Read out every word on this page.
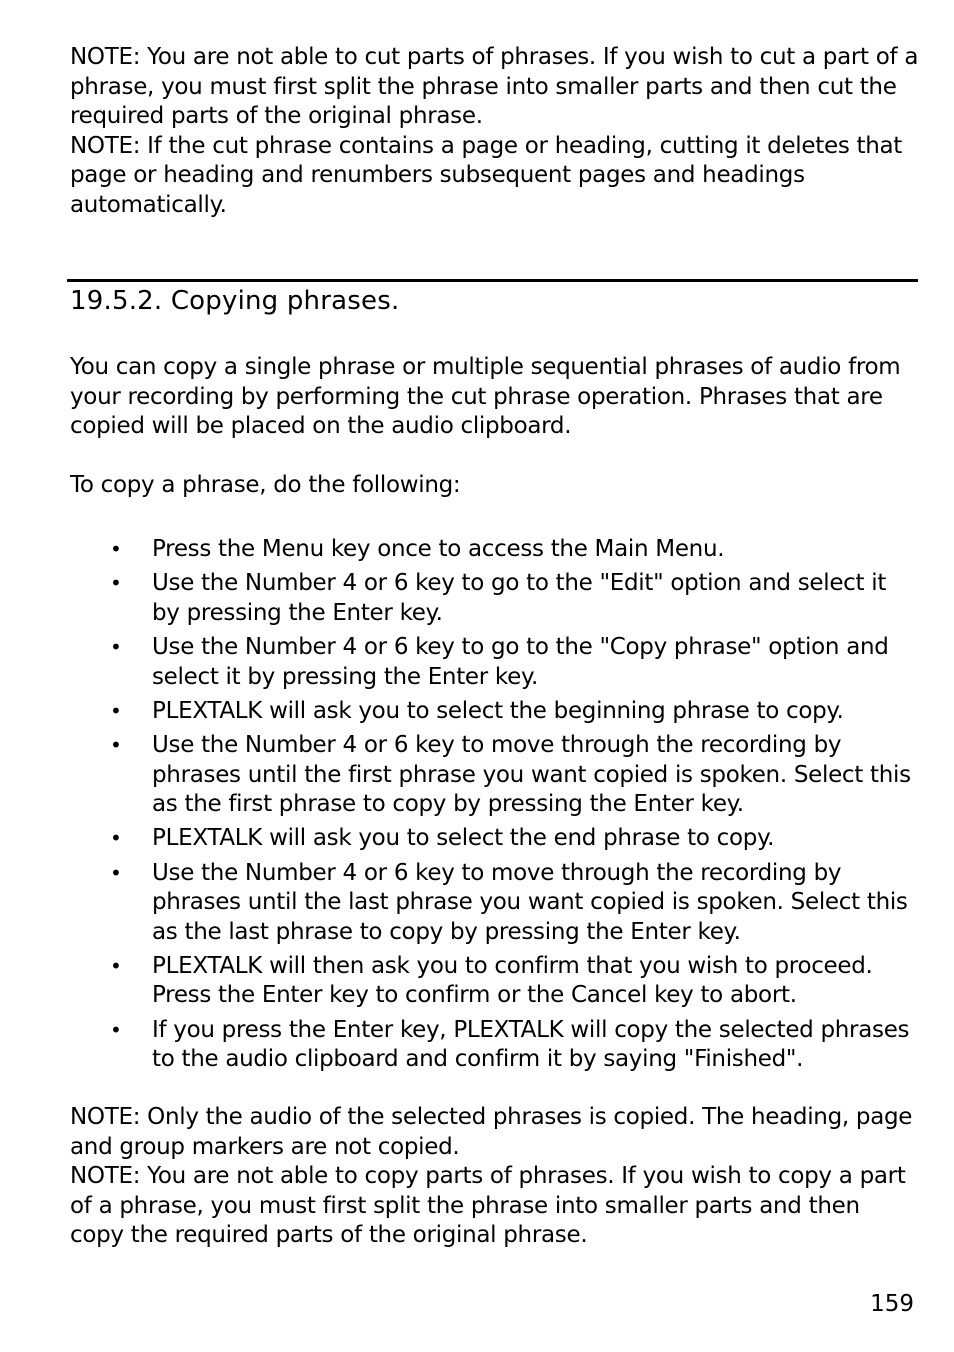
NOTE: You are not able to cut parts of phrases. If you wish to cut a part of a phrase, you must first split the phrase into smaller parts and then cut the required parts of the original phrase.

NOTE: If the cut phrase contains a page or heading, cutting it deletes that page or heading and renumbers subsequent pages and headings automatically.

19.5.2. Copying phrases.

You can copy a single phrase or multiple sequential phrases of audio from your recording by performing the cut phrase operation. Phrases that are copied will be placed on the audio clipboard.

To copy a phrase, do the following:

•	Press the Menu key once to access the Main Menu.
•	Use the Number 4 or 6 key to go to the "Edit" option and select it by pressing the Enter key.
•	Use the Number 4 or 6 key to go to the "Copy phrase" option and select it by pressing the Enter key.
•	PLEXTALK will ask you to select the beginning phrase to copy.
•	Use the Number 4 or 6 key to move through the recording by phrases until the first phrase you want copied is spoken. Select this as the first phrase to copy by pressing the Enter key.
•	PLEXTALK will ask you to select the end phrase to copy.
•	Use the Number 4 or 6 key to move through the recording by phrases until the last phrase you want copied is spoken. Select this as the last phrase to copy by pressing the Enter key.
•	PLEXTALK will then ask you to confirm that you wish to proceed. Press the Enter key to confirm or the Cancel key to abort.
•	If you press the Enter key, PLEXTALK will copy the selected phrases to the audio clipboard and confirm it by saying "Finished".

NOTE: Only the audio of the selected phrases is copied. The heading, page and group markers are not copied.

NOTE: You are not able to copy parts of phrases. If you wish to copy a part of a phrase, you must first split the phrase into smaller parts and then copy the required parts of the original phrase.

159
